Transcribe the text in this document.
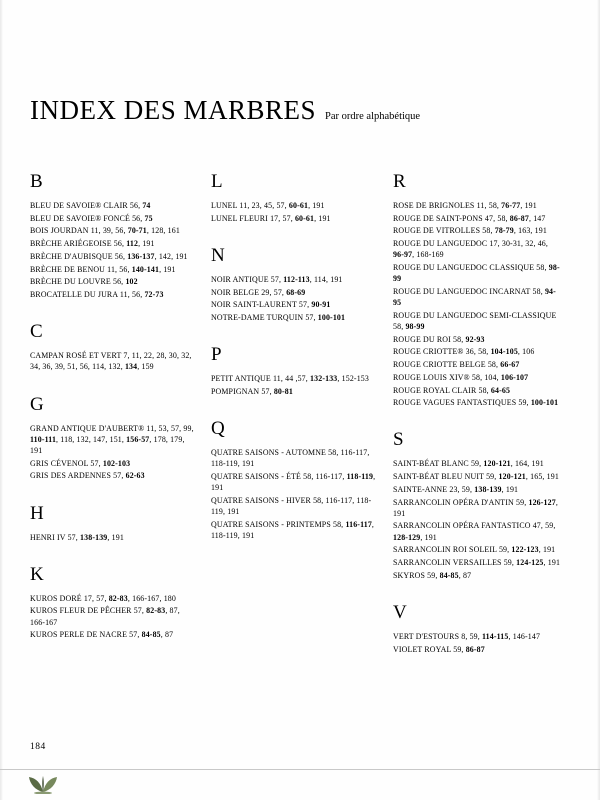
INDEX DES MARBRES Par ordre alphabétique
B
BLEU DE SAVOIE® CLAIR 56, 74
BLEU DE SAVOIE® FONCÉ 56, 75
BOIS JOURDAN 11, 39, 56, 70-71, 128, 161
BRÈCHE ARIÉGEOISE 56, 112, 191
BRÈCHE D'AUBISQUE 56, 136-137, 142, 191
BRÈCHE DE BENOU 11, 56, 140-141, 191
BRÈCHE DU LOUVRE 56, 102
BROCATELLE DU JURA 11, 56, 72-73
C
CAMPAN ROSÉ ET VERT 7, 11, 22, 28, 30, 32, 34, 36, 39, 51, 56, 114, 132, 134, 159
G
GRAND ANTIQUE D'AUBERT® 11, 53, 57, 99, 110-111, 118, 132, 147, 151, 156-57, 178, 179, 191
GRIS CÉVENOL 57, 102-103
GRIS DES ARDENNES 57, 62-63
H
HENRI IV 57, 138-139, 191
K
KUROS DORÉ 17, 57, 82-83, 166-167, 180
KUROS FLEUR DE PÊCHER 57, 82-83, 87, 166-167
KUROS PERLE DE NACRE 57, 84-85, 87
L
LUNEL 11, 23, 45, 57, 60-61, 191
LUNEL FLEURI 17, 57, 60-61, 191
N
NOIR ANTIQUE 57, 112-113, 114, 191
NOIR BELGE 29, 57, 68-69
NOIR SAINT-LAURENT 57, 90-91
NOTRE-DAME TURQUIN 57, 100-101
P
PETIT ANTIQUE 11, 44 ,57, 132-133, 152-153
POMPIGNAN 57, 80-81
Q
QUATRE SAISONS - AUTOMNE 58, 116-117, 118-119, 191
QUATRE SAISONS - ÉTÉ 58, 116-117, 118-119, 191
QUATRE SAISONS - HIVER 58, 116-117, 118-119, 191
QUATRE SAISONS - PRINTEMPS 58, 116-117, 118-119, 191
R
ROSE DE BRIGNOLES 11, 58, 76-77, 191
ROUGE DE SAINT-PONS 47, 58, 86-87, 147
ROUGE DE VITROLLES 58, 78-79, 163, 191
ROUGE DU LANGUEDOC 17, 30-31, 32, 46, 96-97, 168-169
ROUGE DU LANGUEDOC CLASSIQUE 58, 98-99
ROUGE DU LANGUEDOC INCARNAT 58, 94-95
ROUGE DU LANGUEDOC SEMI-CLASSIQUE 58, 98-99
ROUGE DU ROI 58, 92-93
ROUGE CRIOTTE® 36, 58, 104-105, 106
ROUGE CRIOTTE BELGE 58, 66-67
ROUGE LOUIS XIV® 58, 104, 106-107
ROUGE ROYAL CLAIR 58, 64-65
ROUGE VAGUES FANTASTIQUES 59, 100-101
S
SAINT-BÉAT BLANC 59, 120-121, 164, 191
SAINT-BÉAT BLEU NUIT 59, 120-121, 165, 191
SAINTE-ANNE 23, 59, 138-139, 191
SARRANCOLIN OPÉRA D'ANTIN 59, 126-127, 191
SARRANCOLIN OPÉRA FANTASTICO 47, 59, 128-129, 191
SARRANCOLIN ROI SOLEIL 59, 122-123, 191
SARRANCOLIN VERSAILLES 59, 124-125, 191
SKYROS 59, 84-85, 87
V
VERT D'ESTOURS 8, 59, 114-115, 146-147
VIOLET ROYAL 59, 86-87
184
